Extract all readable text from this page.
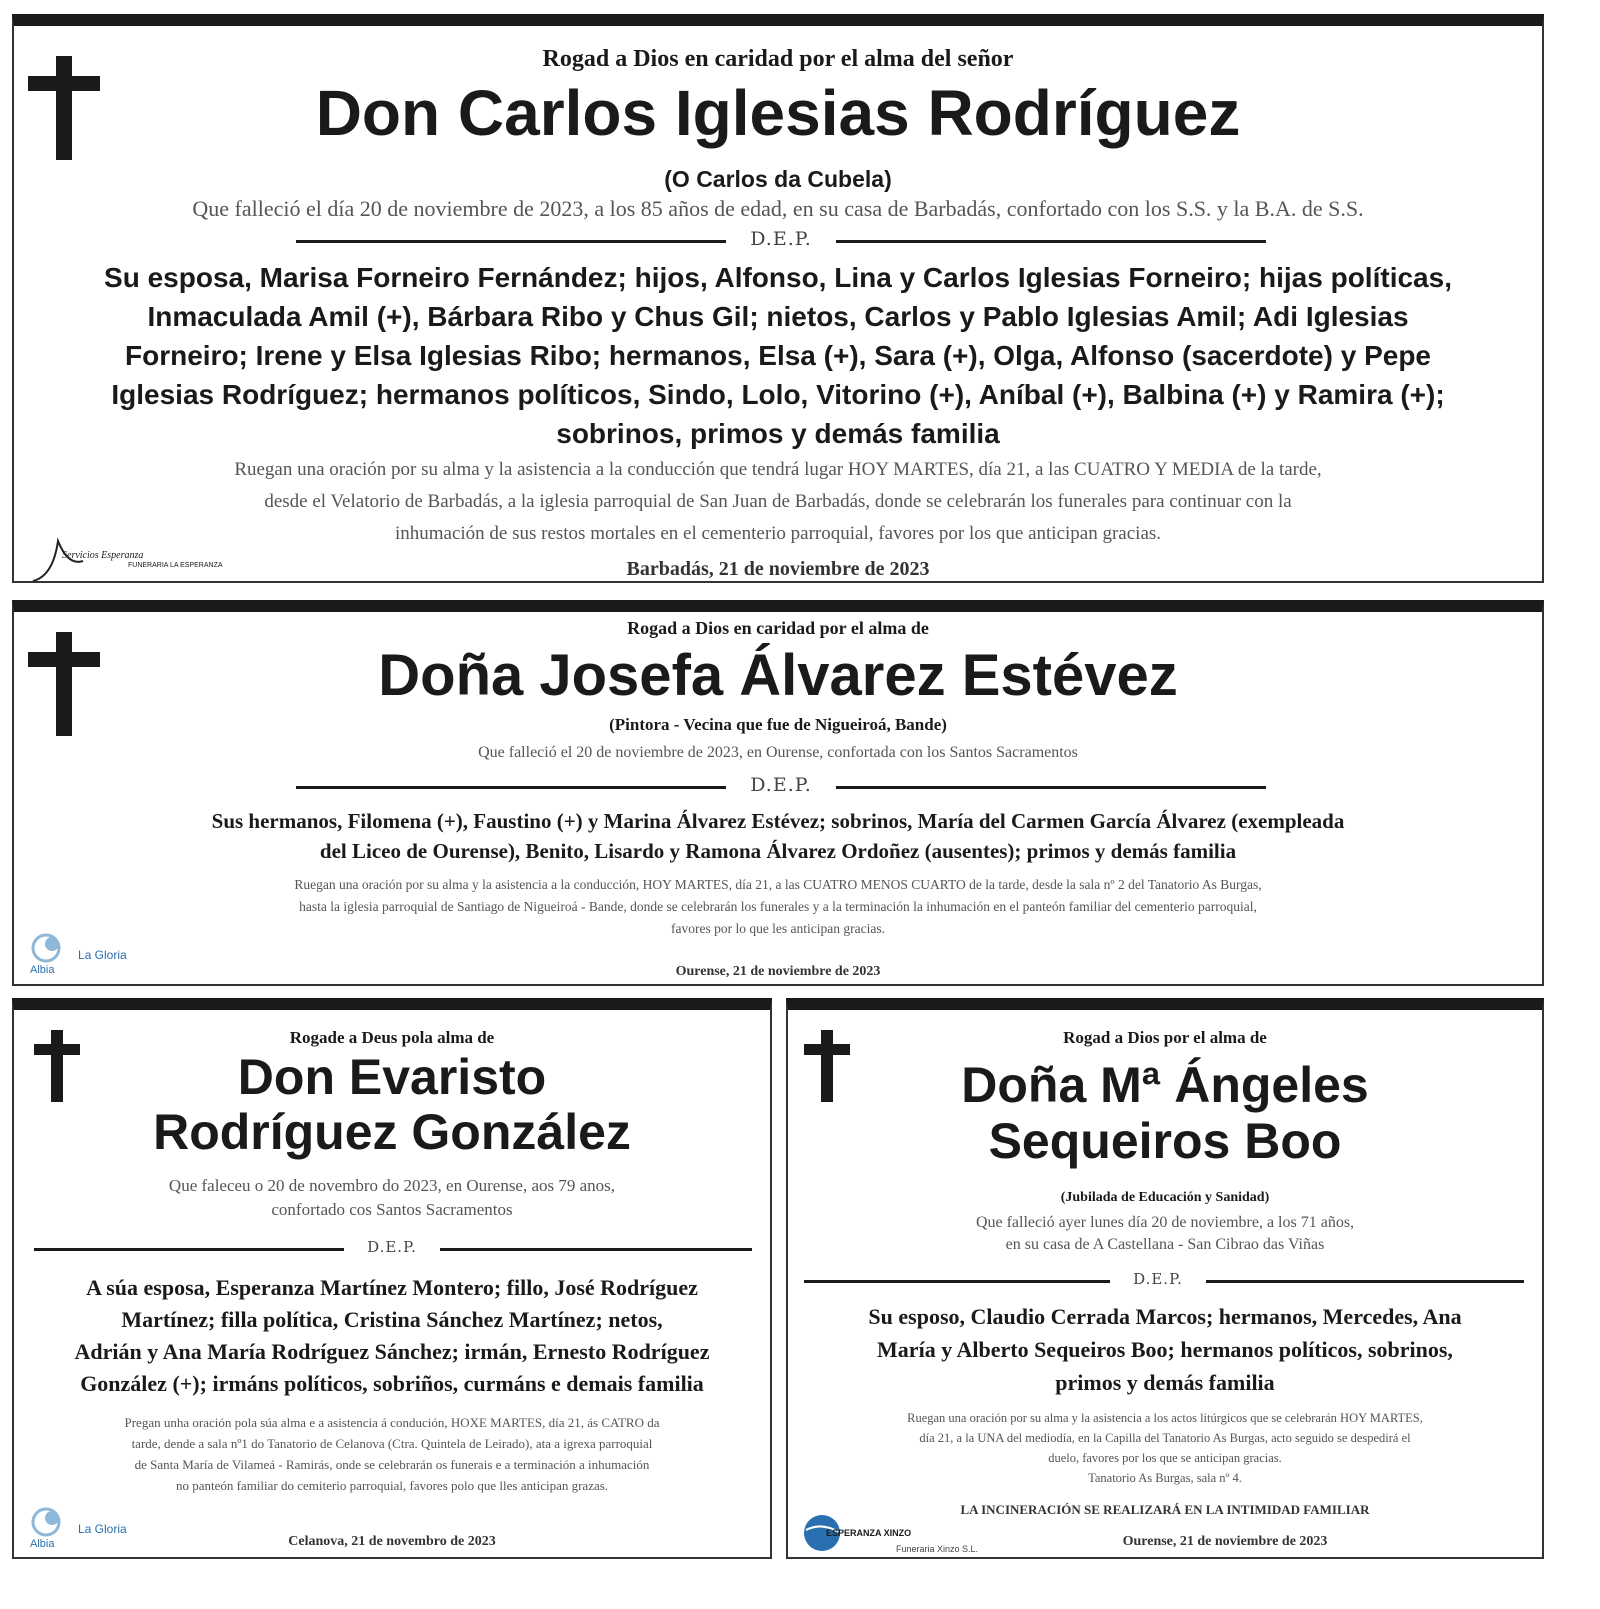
Rogad a Dios en caridad por el alma del señor

Don Carlos Iglesias Rodríguez

(O Carlos da Cubela)

Que falleció el día 20 de noviembre de 2023, a los 85 años de edad, en su casa de Barbadás, confortado con los S.S. y la B.A. de S.S.

D.E.P.
Su esposa, Marisa Forneiro Fernández; hijos, Alfonso, Lina y Carlos Iglesias Forneiro; hijas políticas,
Inmaculada Amil (+), Bárbara Ribo y Chus Gil; nietos, Carlos y Pablo Iglesias Amil; Adi Iglesias
Forneiro; Irene y Elsa Iglesias Ribo; hermanos, Elsa (+), Sara (+), Olga, Alfonso (sacerdote) y Pepe
Iglesias Rodríguez; hermanos políticos, Sindo, Lolo, Vitorino (+), Aníbal (+), Balbina (+) y Ramira (+);
sobrinos, primos y demás familia
Ruegan una oración por su alma y la asistencia a la conducción que tendrá lugar HOY MARTES, día 21, a las CUATRO Y MEDIA de la tarde,
desde el Velatorio de Barbadás, a la iglesia parroquial de San Juan de Barbadás, donde se celebrarán los funerales para continuar con la
inhumación de sus restos mortales en el cementerio parroquial, favores por los que anticipan gracias.
Servicios Esperanza
FUNERARIA LA ESPERANZA	Barbadás, 21 de noviembre de 2023

Rogad a Dios en caridad por el alma de

Doña Josefa Álvarez Estévez

(Pintora - Vecina que fue de Nigueiroá, Bande)

Que falleció el 20 de noviembre de 2023, en Ourense, confortada con los Santos Sacramentos

D.E.P.
Sus hermanos, Filomena (+), Faustino (+) y Marina Álvarez Estévez; sobrinos, María del Carmen García Álvarez (exempleada
del Liceo de Ourense), Benito, Lisardo y Ramona Álvarez Ordoñez (ausentes); primos y demás familia
Ruegan una oración por su alma y la asistencia a la conducción, HOY MARTES, día 21, a las CUATRO MENOS CUARTO de la tarde, desde la sala nº 2 del Tanatorio As Burgas,
hasta la iglesia parroquial de Santiago de Nigueiroá - Bande, donde se celebrarán los funerales y a la terminación la inhumación en el panteón familiar del cementerio parroquial,
favores por lo que les anticipan gracias.
Albia
La Gloria

Ourense, 21 de noviembre de 2023

Rogade a Deus pola alma de

Don Evaristo

Rodríguez González

Que faleceu o 20 de novembro do 2023, en Ourense, aos 79 anos,

confortado cos Santos Sacramentos

D.E.P.
A súa esposa, Esperanza Martínez Montero; fillo, José Rodríguez
Martínez; filla política, Cristina Sánchez Martínez; netos,
Adrián y Ana María Rodríguez Sánchez; irmán, Ernesto Rodríguez
González (+); irmáns políticos, sobriños, curmáns e demais familia
Pregan unha oración pola súa alma e a asistencia á condución, HOXE MARTES, día 21, ás CATRO da
tarde, dende a sala nº1 do Tanatorio de Celanova (Ctra. Quintela de Leirado), ata a igrexa parroquial
de Santa María de Vilameá - Ramirás, onde se celebrarán os funerais e a terminación a inhumación
no panteón familiar do cemiterio parroquial, favores polo que lles anticipan grazas.
Albia
La Gloria

Celanova, 21 de novembro de 2023

Rogad a Dios por el alma de

Doña Mª Ángeles

Sequeiros Boo

(Jubilada de Educación y Sanidad)

Que falleció ayer lunes día 20 de noviembre, a los 71 años,

en su casa de A Castellana - San Cibrao das Viñas

D.E.P.
Su esposo, Claudio Cerrada Marcos; hermanos, Mercedes, Ana
María y Alberto Sequeiros Boo; hermanos políticos, sobrinos,
primos y demás familia
Ruegan una oración por su alma y la asistencia a los actos litúrgicos que se celebrarán HOY MARTES,
día 21, a la UNA del mediodía, en la Capilla del Tanatorio As Burgas, acto seguido se despedirá el
duelo, favores por los que se anticipan gracias.
Tanatorio As Burgas, sala nº 4.

LA INCINERACIÓN SE REALIZARÁ EN LA INTIMIDAD FAMILIAR

ESPERANZA XINZO
Funeraria Xinzo S.L.	Ourense, 21 de noviembre de 2023
